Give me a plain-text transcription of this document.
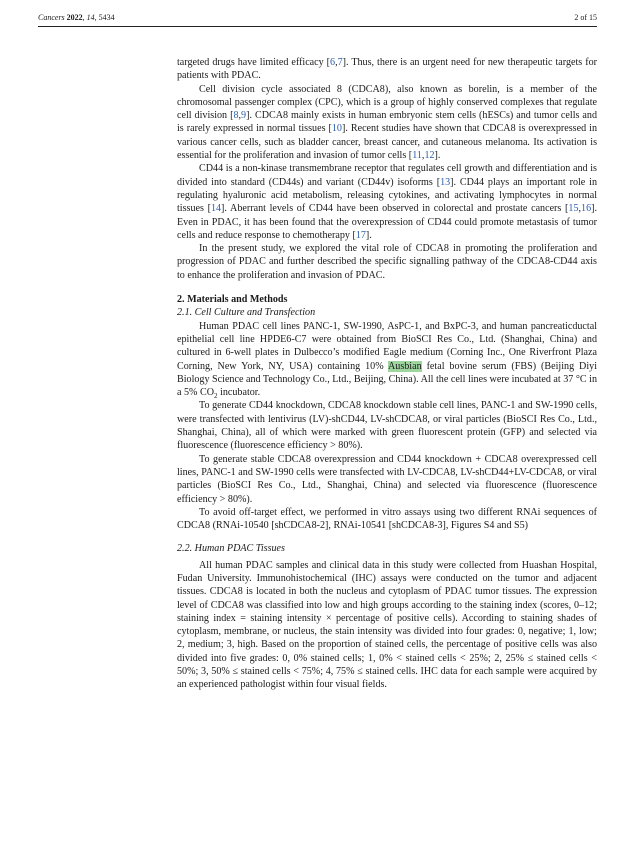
Cancers 2022, 14, 5434	2 of 15

targeted drugs have limited efficacy [6,7]. Thus, there is an urgent need for new therapeutic targets for patients with PDAC.

Cell division cycle associated 8 (CDCA8), also known as borelin, is a member of the chromosomal passenger complex (CPC), which is a group of highly conserved complexes that regulate cell division [8,9]. CDCA8 mainly exists in human embryonic stem cells (hESCs) and tumor cells and is rarely expressed in normal tissues [10]. Recent studies have shown that CDCA8 is overexpressed in various cancer cells, such as bladder cancer, breast cancer, and cutaneous melanoma. Its activation is essential for the proliferation and invasion of tumor cells [11,12].

CD44 is a non-kinase transmembrane receptor that regulates cell growth and differentiation and is divided into standard (CD44s) and variant (CD44v) isoforms [13]. CD44 plays an important role in regulating hyaluronic acid metabolism, releasing cytokines, and activating lymphocytes in normal tissues [14]. Aberrant levels of CD44 have been observed in colorectal and prostate cancers [15,16]. Even in PDAC, it has been found that the overexpression of CD44 could promote metastasis of tumor cells and reduce response to chemotherapy [17].

In the present study, we explored the vital role of CDCA8 in promoting the proliferation and progression of PDAC and further described the specific signalling pathway of the CDCA8-CD44 axis to enhance the proliferation and invasion of PDAC.

2. Materials and Methods
2.1. Cell Culture and Transfection

Human PDAC cell lines PANC-1, SW-1990, AsPC-1, and BxPC-3, and human pancreaticductal epithelial cell line HPDE6-C7 were obtained from BioSCI Res Co., Ltd. (Shanghai, China) and cultured in 6-well plates in Dulbecco’s modified Eagle medium (Corning Inc., One Riverfront Plaza Corning, New York, NY, USA) containing 10% Ausbian fetal bovine serum (FBS) (Beijing Diyi Biology Science and Technology Co., Ltd., Beijing, China). All the cell lines were incubated at 37 °C in a 5% $CO_2$ incubator.

To generate CD44 knockdown, CDCA8 knockdown stable cell lines, PANC-1 and SW-1990 cells, were transfected with lentivirus (LV)-shCD44, LV-shCDCA8, or viral particles (BioSCI Res Co., Ltd., Shanghai, China), all of which were marked with green fluorescent protein (GFP) and selected via fluorescence (fluorescence efficiency > 80%).

To generate stable CDCA8 overexpression and CD44 knockdown + CDCA8 overexpressed cell lines, PANC-1 and SW-1990 cells were transfected with LV-CDCA8, LV-shCD44+LV-CDCA8, or viral particles (BioSCI Res Co., Ltd., Shanghai, China) and selected via fluorescence (fluorescence efficiency > 80%).

To avoid off-target effect, we performed in vitro assays using two different RNAi sequences of CDCA8 (RNAi-10540 [shCDCA8-2], RNAi-10541 [shCDCA8-3], Figures S4 and S5)

2.2. Human PDAC Tissues

All human PDAC samples and clinical data in this study were collected from Huashan Hospital, Fudan University. Immunohistochemical (IHC) assays were conducted on the tumor and adjacent tissues. CDCA8 is located in both the nucleus and cytoplasm of PDAC tumor tissues. The expression level of CDCA8 was classified into low and high groups according to the staining index (scores, 0–12; staining index = staining intensity × percentage of positive cells). According to staining shades of cytoplasm, membrane, or nucleus, the stain intensity was divided into four grades: 0, negative; 1, low; 2, medium; 3, high. Based on the proportion of stained cells, the percentage of positive cells was also divided into five grades: 0, 0% stained cells; 1, 0% < stained cells < 25%; 2, 25% ≤ stained cells < 50%; 3, 50% ≤ stained cells < 75%; 4, 75% ≤ stained cells. IHC data for each sample were acquired by an experienced pathologist within four visual fields.
